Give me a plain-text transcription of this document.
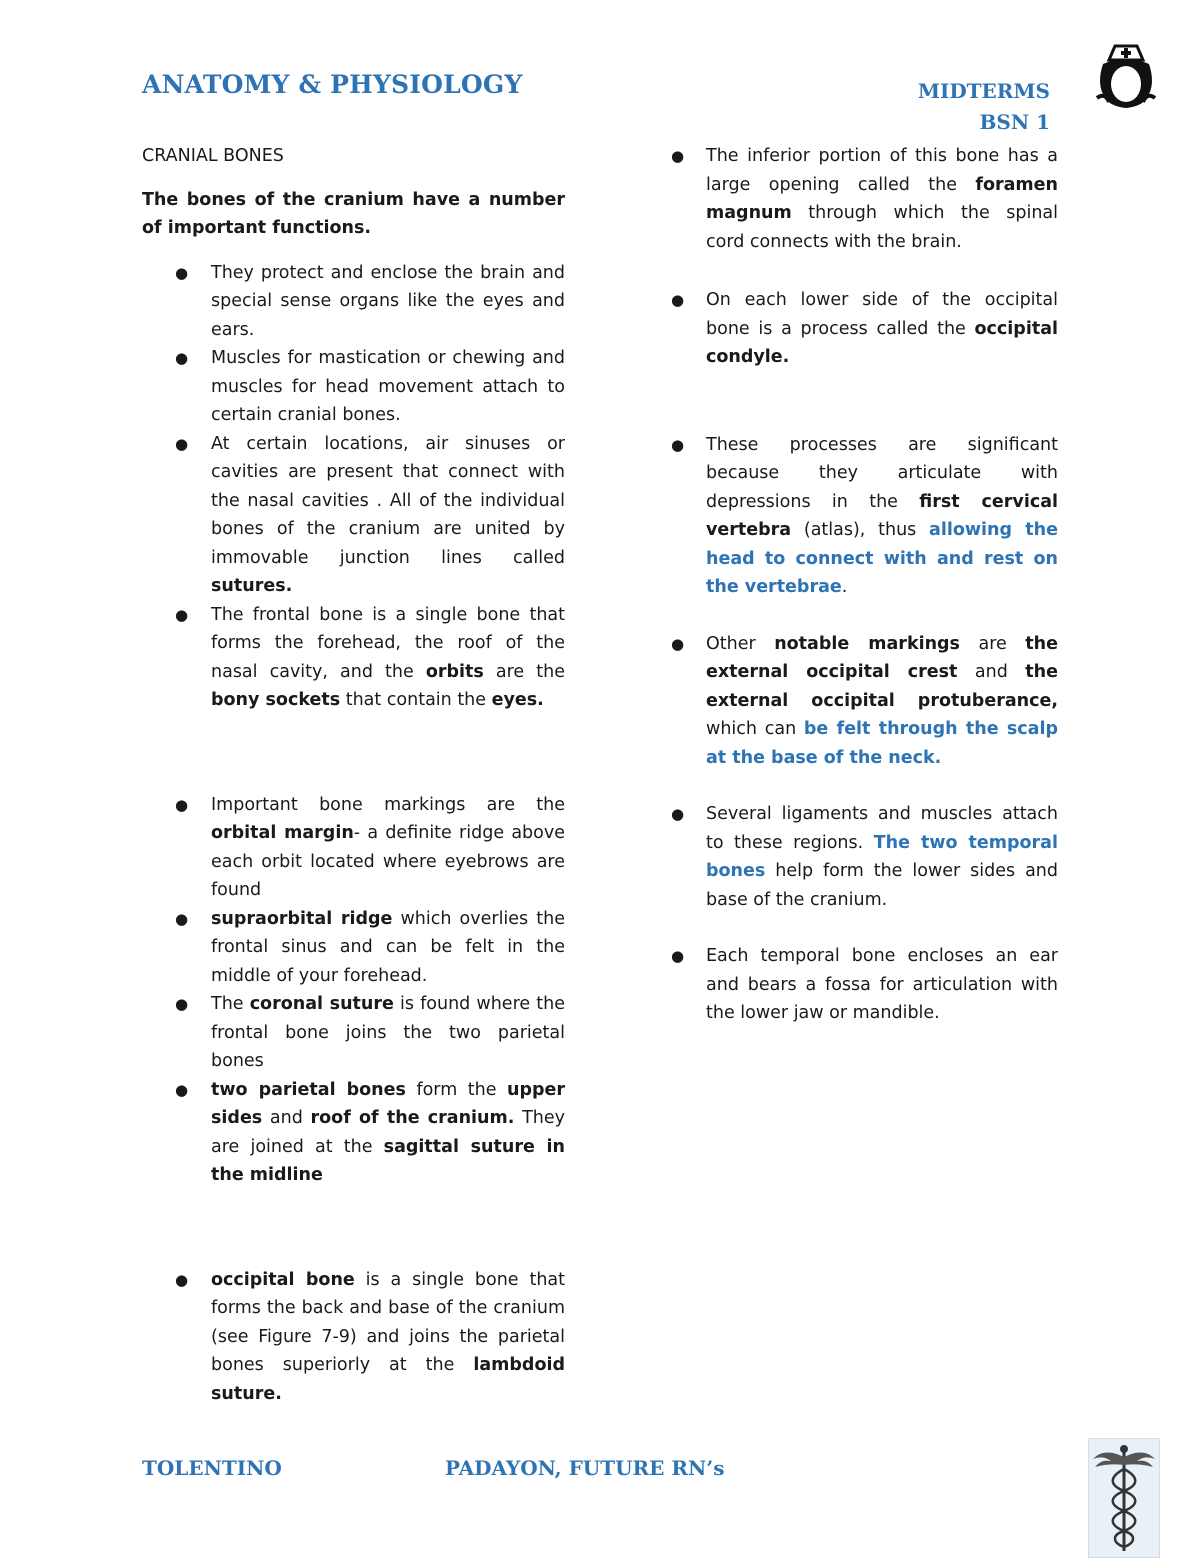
ANATOMY & PHYSIOLOGY	MIDTERMS
BSN 1
CRANIAL BONES

The bones of the cranium have a number of important functions.

● They protect and enclose the brain and special sense organs like the eyes and ears.
● Muscles for mastication or chewing and muscles for head movement attach to certain cranial bones.
● At certain locations, air sinuses or cavities are present that connect with the nasal cavities . All of the individual bones of the cranium are united by immovable junction lines called sutures.
● The frontal bone is a single bone that forms the forehead, the roof of the nasal cavity, and the orbits are the bony sockets that contain the eyes.
● Important bone markings are the orbital margin- a definite ridge above each orbit located where eyebrows are found
● supraorbital ridge which overlies the frontal sinus and can be felt in the middle of your forehead.
● The coronal suture is found where the frontal bone joins the two parietal bones
● two parietal bones form the upper sides and roof of the cranium. They are joined at the sagittal suture in the midline
● occipital bone is a single bone that forms the back and base of the cranium (see Figure 7-9) and joins the parietal bones superiorly at the lambdoid suture.
● The inferior portion of this bone has a large opening called the foramen magnum through which the spinal cord connects with the brain.
● On each lower side of the occipital bone is a process called the occipital condyle.
● These processes are significant because they articulate with depressions in the first cervical vertebra (atlas), thus allowing the head to connect with and rest on the vertebrae.
● Other notable markings are the external occipital crest and the external occipital protuberance, which can be felt through the scalp at the base of the neck.
● Several ligaments and muscles attach to these regions. The two temporal bones help form the lower sides and base of the cranium.
● Each temporal bone encloses an ear and bears a fossa for articulation with the lower jaw or mandible.
TOLENTINO	PADAYON, FUTURE RN’s
